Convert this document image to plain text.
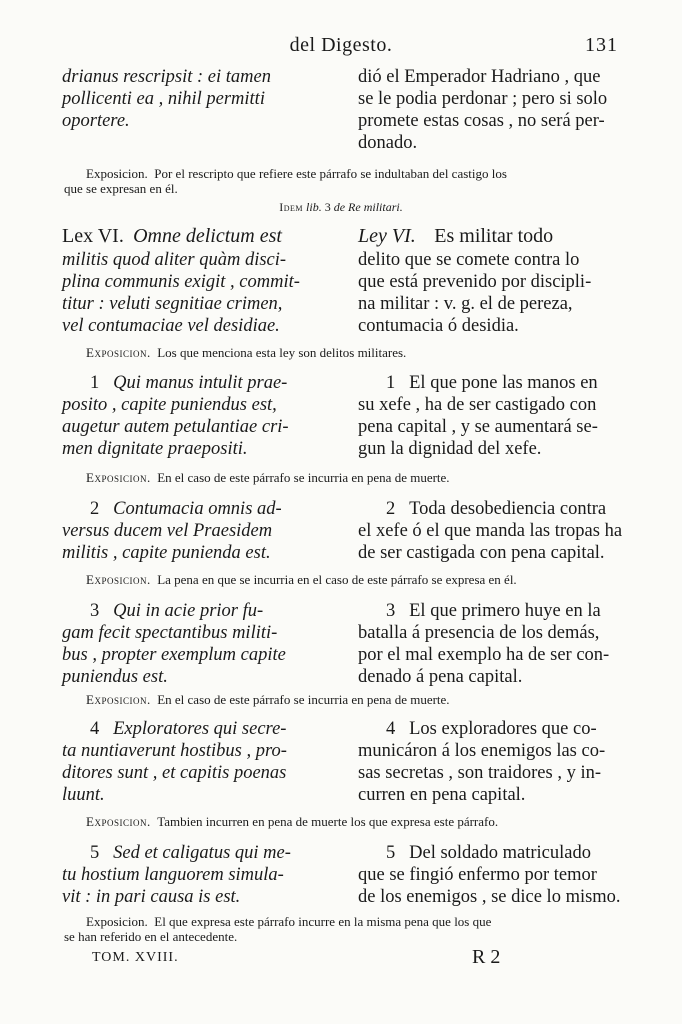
del Digesto.	131
drianus rescripsit : ei tamen
pollicenti ea , nihil permitti
oportere.
dió el Emperador Hadriano , que
se le podia perdonar ; pero si solo
promete estas cosas , no será per-
donado.
Exposicion. Por el rescripto que refiere este párrafo se indultaban del castigo los
que se expresan en él.
Idem lib. 3 de Re militari.
Lex VI. Omne delictum est
militis quod aliter quàm disci-
plina communis exigit , commit-
titur : veluti segnitiae crimen,
vel contumaciae vel desidiae.
Ley VI. Es militar todo
delito que se comete contra lo
que está prevenido por discipli-
na militar : v. g. el de pereza,
contumacia ó desidia.
Exposicion. Los que menciona esta ley son delitos militares.
1 Qui manus intulit prae-
posito , capite puniendus est,
augetur autem petulantiae cri-
men dignitate praepositi.
1 El que pone las manos en
su xefe , ha de ser castigado con
pena capital , y se aumentará se-
gun la dignidad del xefe.
Exposicion. En el caso de este párrafo se incurria en pena de muerte.
2 Contumacia omnis ad-
versus ducem vel Praesidem
militis , capite punienda est.
2 Toda desobediencia contra
el xefe ó el que manda las tropas ha
de ser castigada con pena capital.
Exposicion. La pena en que se incurria en el caso de este párrafo se expresa en él.
3 Qui in acie prior fu-
gam fecit spectantibus militi-
bus , propter exemplum capite
puniendus est.
3 El que primero huye en la
batalla á presencia de los demás,
por el mal exemplo ha de ser con-
denado á pena capital.
Exposicion. En el caso de este párrafo se incurria en pena de muerte.
4 Exploratores qui secre-
ta nuntiaverunt hostibus , pro-
ditores sunt , et capitis poenas
luunt.
4 Los exploradores que co-
municáron á los enemigos las co-
sas secretas , son traidores , y in-
curren en pena capital.
Exposicion. Tambien incurren en pena de muerte los que expresa este párrafo.
5 Sed et caligatus qui me-
tu hostium languorem simula-
vit : in pari causa is est.
5 Del soldado matriculado
que se fingió enfermo por temor
de los enemigos , se dice lo mismo.
Exposicion. El que expresa este párrafo incurre en la misma pena que los que
se han referido en el antecedente.
TOM. XVIII.	R 2
